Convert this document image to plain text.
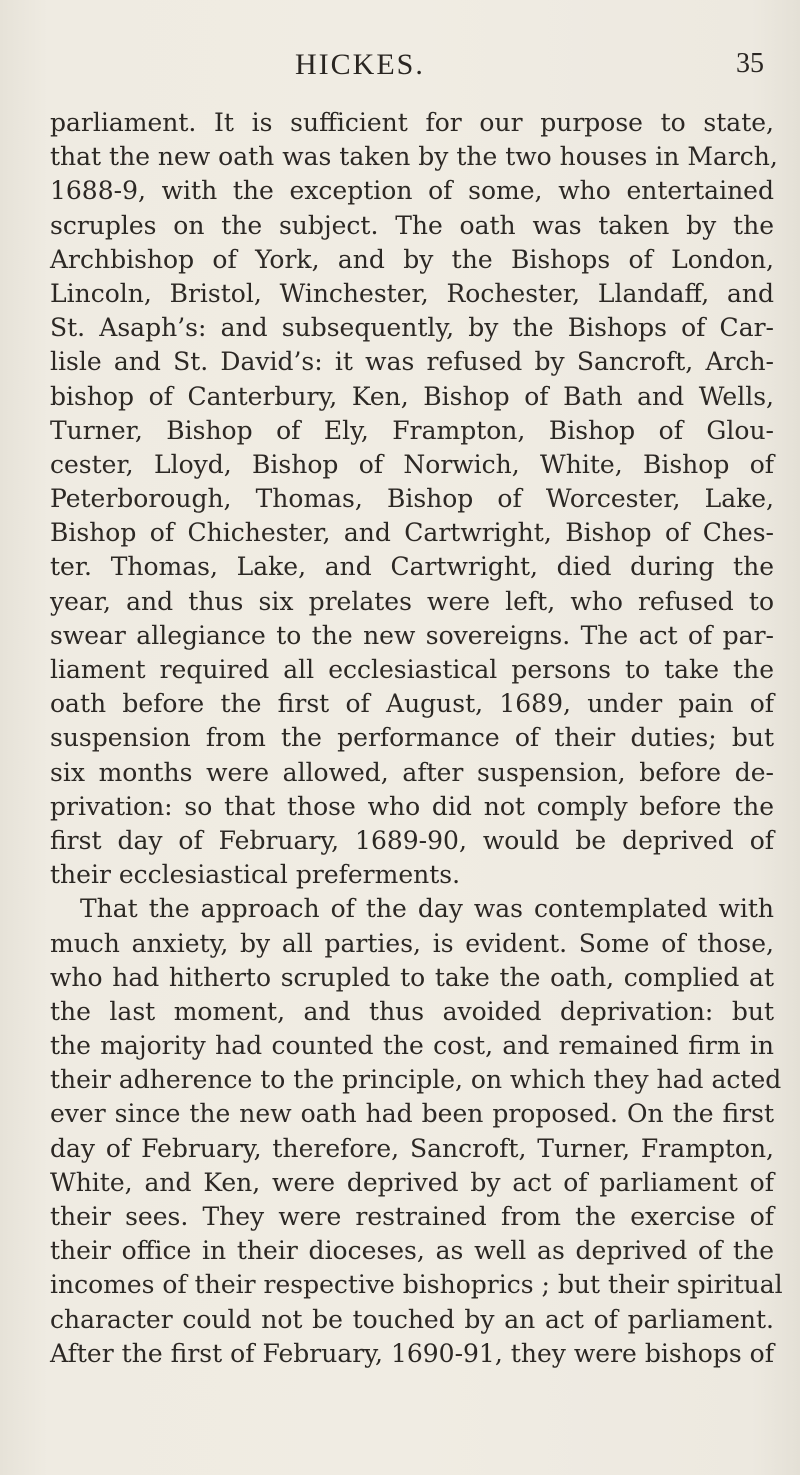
HICKES.	35
parliament. It is sufficient for our purpose to state,
that the new oath was taken by the two houses in March,
1688-9, with the exception of some, who entertained
scruples on the subject. The oath was taken by the
Archbishop of York, and by the Bishops of London,
Lincoln, Bristol, Winchester, Rochester, Llandaff, and
St. Asaph’s: and subsequently, by the Bishops of Car-
lisle and St. David’s: it was refused by Sancroft, Arch-
bishop of Canterbury, Ken, Bishop of Bath and Wells,
Turner, Bishop of Ely, Frampton, Bishop of Glou-
cester, Lloyd, Bishop of Norwich, White, Bishop of
Peterborough, Thomas, Bishop of Worcester, Lake,
Bishop of Chichester, and Cartwright, Bishop of Ches-
ter. Thomas, Lake, and Cartwright, died during the
year, and thus six prelates were left, who refused to
swear allegiance to the new sovereigns. The act of par-
liament required all ecclesiastical persons to take the
oath before the first of August, 1689, under pain of
suspension from the performance of their duties; but
six months were allowed, after suspension, before de-
privation: so that those who did not comply before the
first day of February, 1689-90, would be deprived of
their ecclesiastical preferments.
That the approach of the day was contemplated with
much anxiety, by all parties, is evident. Some of those,
who had hitherto scrupled to take the oath, complied at
the last moment, and thus avoided deprivation: but
the majority had counted the cost, and remained firm in
their adherence to the principle, on which they had acted
ever since the new oath had been proposed. On the first
day of February, therefore, Sancroft, Turner, Frampton,
White, and Ken, were deprived by act of parliament of
their sees. They were restrained from the exercise of
their office in their dioceses, as well as deprived of the
incomes of their respective bishoprics ; but their spiritual
character could not be touched by an act of parliament.
After the first of February, 1690-91, they were bishops of
